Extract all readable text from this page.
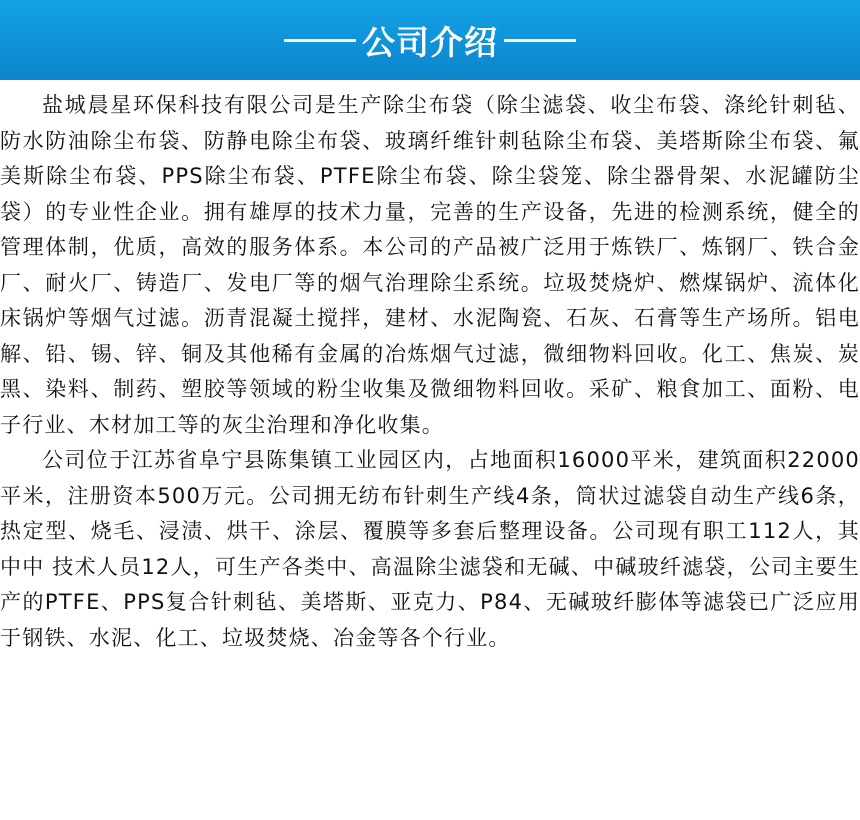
公司介绍

盐城晨星环保科技有限公司是生产除尘布袋（除尘滤袋、收尘布袋、涤纶针刺毡、防水防油除尘布袋、防静电除尘布袋、玻璃纤维针刺毡除尘布袋、美塔斯除尘布袋、氟美斯除尘布袋、PPS除尘布袋、PTFE除尘布袋、除尘袋笼、除尘器骨架、水泥罐防尘袋）的专业性企业。拥有雄厚的技术力量，完善的生产设备，先进的检测系统，健全的管理体制，优质，高效的服务体系。本公司的产品被广泛用于炼铁厂、炼钢厂、铁合金厂、耐火厂、铸造厂、发电厂等的烟气治理除尘系统。垃圾焚烧炉、燃煤锅炉、流体化床锅炉等烟气过滤。沥青混凝土搅拌，建材、水泥陶瓷、石灰、石膏等生产场所。铝电解、铅、锡、锌、铜及其他稀有金属的冶炼烟气过滤，微细物料回收。化工、焦炭、炭黑、染料、制药、塑胶等领域的粉尘收集及微细物料回收。采矿、粮食加工、面粉、电子行业、木材加工等的灰尘治理和净化收集。

公司位于江苏省阜宁县陈集镇工业园区内，占地面积16000平米，建筑面积22000平米，注册资本500万元。公司拥无纺布针刺生产线4条，筒状过滤袋自动生产线6条，热定型、烧毛、浸渍、烘干、涂层、覆膜等多套后整理设备。公司现有职工112人，其中中 技术人员12人，可生产各类中、高温除尘滤袋和无碱、中碱玻纤滤袋，公司主要生产的PTFE、PPS复合针刺毡、美塔斯、亚克力、P84、无碱玻纤膨体等滤袋已广泛应用于钢铁、水泥、化工、垃圾焚烧、冶金等各个行业。
